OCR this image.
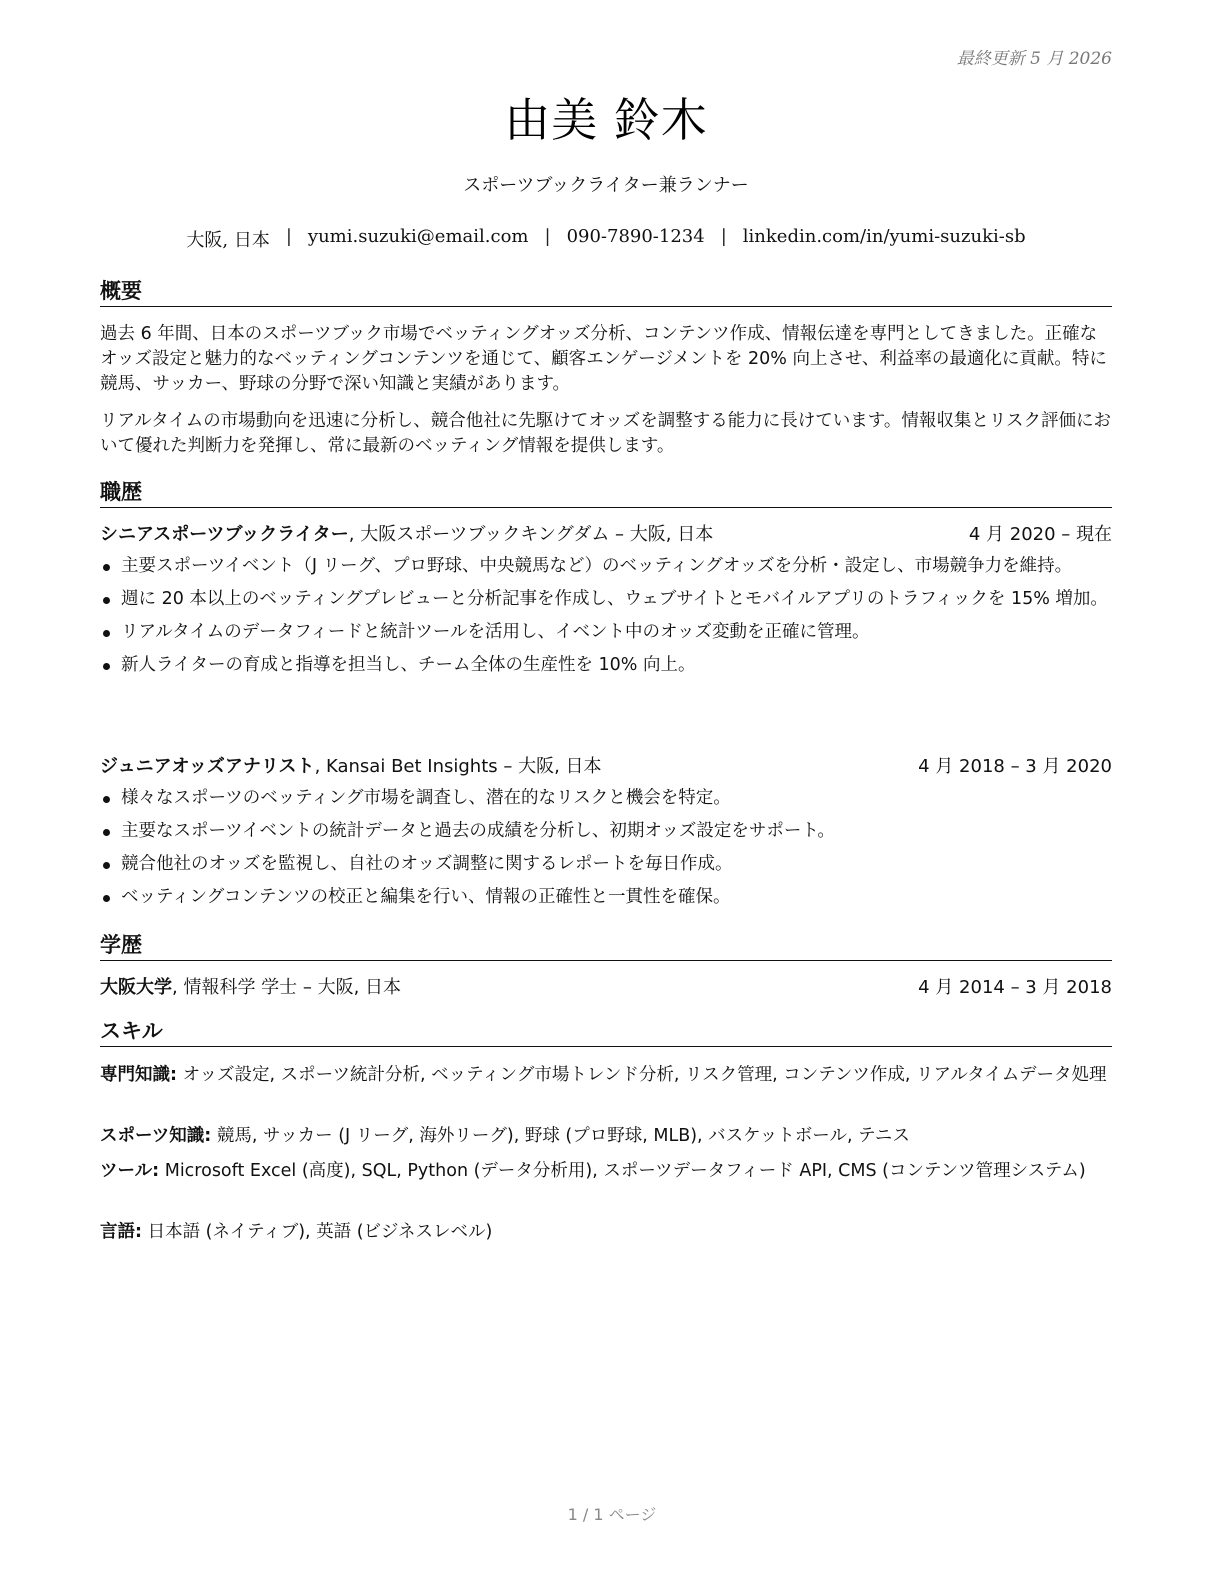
最終更新 5 月 2026
由美 鈴木
スポーツブックライター兼ランナー
大阪, 日本 | yumi.suzuki@email.com | 090-7890-1234 | linkedin.com/in/yumi-suzuki-sb
概要

過去 6 年間、日本のスポーツブック市場でベッティングオッズ分析、コンテンツ作成、情報伝達を専門としてきました。正確なオッズ設定と魅力的なベッティングコンテンツを通じて、顧客エンゲージメントを 20% 向上させ、利益率の最適化に貢献。特に競馬、サッカー、野球の分野で深い知識と実績があります。

リアルタイムの市場動向を迅速に分析し、競合他社に先駆けてオッズを調整する能力に長けています。情報収集とリスク評価において優れた判断力を発揮し、常に最新のベッティング情報を提供します。

職歴
シニアスポーツブックライター, 大阪スポーツブックキングダム – 大阪, 日本	4 月 2020 – 現在
主要スポーツイベント（J リーグ、プロ野球、中央競馬など）のベッティングオッズを分析・設定し、市場競争力を維持。
週に 20 本以上のベッティングプレビューと分析記事を作成し、ウェブサイトとモバイルアプリのトラフィックを 15% 増加。
リアルタイムのデータフィードと統計ツールを活用し、イベント中のオッズ変動を正確に管理。
新人ライターの育成と指導を担当し、チーム全体の生産性を 10% 向上。
ジュニアオッズアナリスト, Kansai Bet Insights – 大阪, 日本	4 月 2018 – 3 月 2020
様々なスポーツのベッティング市場を調査し、潜在的なリスクと機会を特定。
主要なスポーツイベントの統計データと過去の成績を分析し、初期オッズ設定をサポート。
競合他社のオッズを監視し、自社のオッズ調整に関するレポートを毎日作成。
ベッティングコンテンツの校正と編集を行い、情報の正確性と一貫性を確保。
学歴
大阪大学, 情報科学 学士 – 大阪, 日本	4 月 2014 – 3 月 2018
スキル
専門知識: オッズ設定, スポーツ統計分析, ベッティング市場トレンド分析, リスク管理, コンテンツ作成, リアルタイムデータ処理
スポーツ知識: 競馬, サッカー (J リーグ, 海外リーグ), 野球 (プロ野球, MLB), バスケットボール, テニス
ツール: Microsoft Excel (高度), SQL, Python (データ分析用), スポーツデータフィード API, CMS (コンテンツ管理システム)
言語: 日本語 (ネイティブ), 英語 (ビジネスレベル)
1 / 1 ページ
